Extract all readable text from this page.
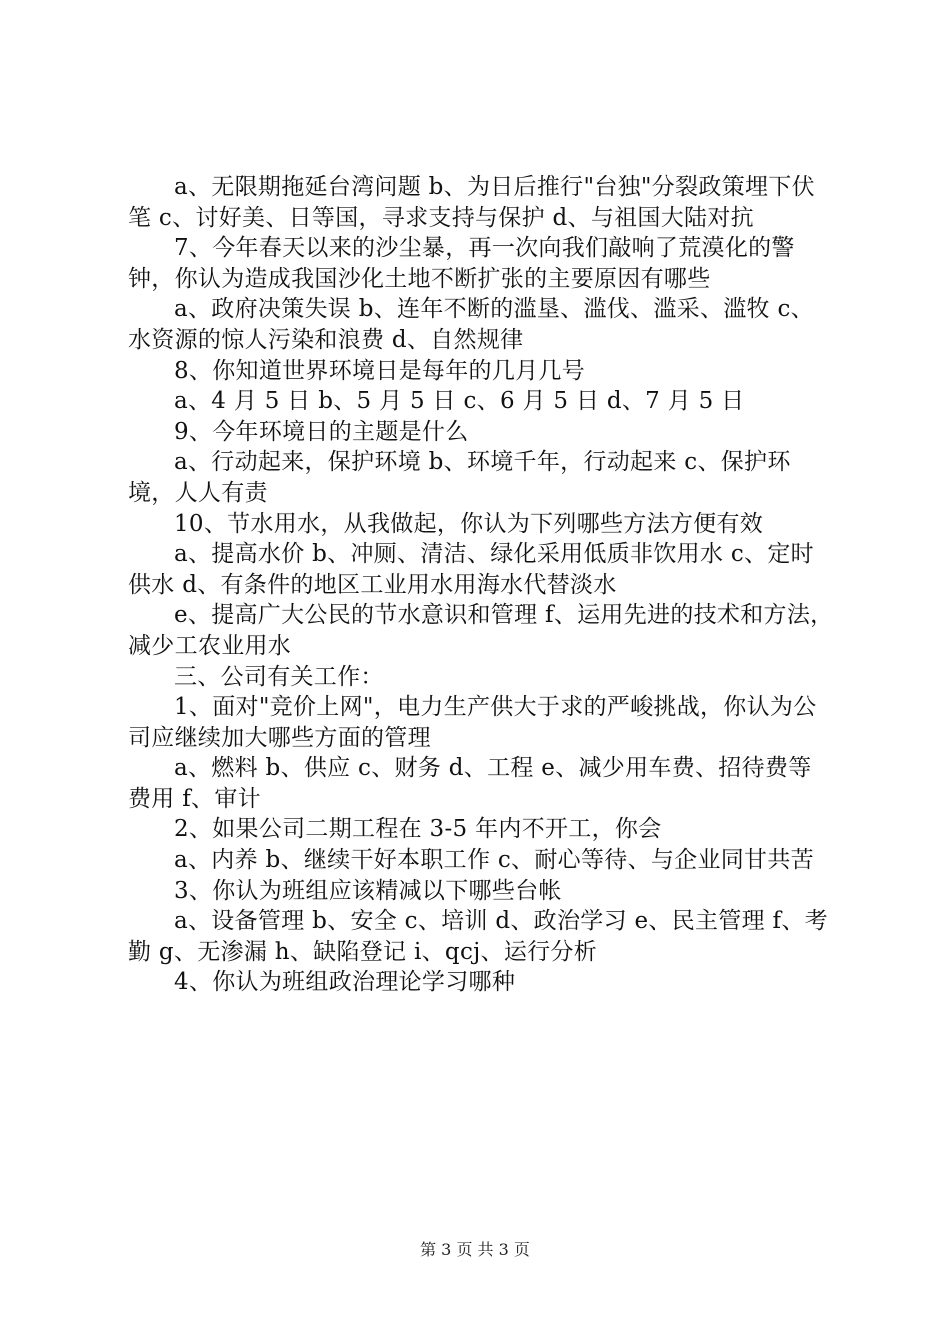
a、无限期拖延台湾问题 b、为日后推行"台独"分裂政策埋下伏笔 c、讨好美、日等国，寻求支持与保护 d、与祖国大陆对抗

7、今年春天以来的沙尘暴，再一次向我们敲响了荒漠化的警钟，你认为造成我国沙化土地不断扩张的主要原因有哪些

a、政府决策失误 b、连年不断的滥垦、滥伐、滥采、滥牧 c、水资源的惊人污染和浪费 d、自然规律

8、你知道世界环境日是每年的几月几号

a、4 月 5 日 b、5 月 5 日 c、6 月 5 日 d、7 月 5 日

9、今年环境日的主题是什么

a、行动起来，保护环境 b、环境千年，行动起来 c、保护环境，人人有责

10、节水用水，从我做起，你认为下列哪些方法方便有效

a、提高水价 b、冲厕、清洁、绿化采用低质非饮用水 c、定时供水 d、有条件的地区工业用水用海水代替淡水

e、提高广大公民的节水意识和管理 f、运用先进的技术和方法，减少工农业用水

三、公司有关工作：

1、面对"竞价上网"，电力生产供大于求的严峻挑战，你认为公司应继续加大哪些方面的管理

a、燃料 b、供应 c、财务 d、工程 e、减少用车费、招待费等费用 f、审计

2、如果公司二期工程在 3-5 年内不开工，你会

a、内养 b、继续干好本职工作 c、耐心等待、与企业同甘共苦

3、你认为班组应该精减以下哪些台帐

a、设备管理 b、安全 c、培训 d、政治学习 e、民主管理 f、考勤 g、无渗漏 h、缺陷登记 i、qcj、运行分析

4、你认为班组政治理论学习哪种

第 3 页 共 3 页
